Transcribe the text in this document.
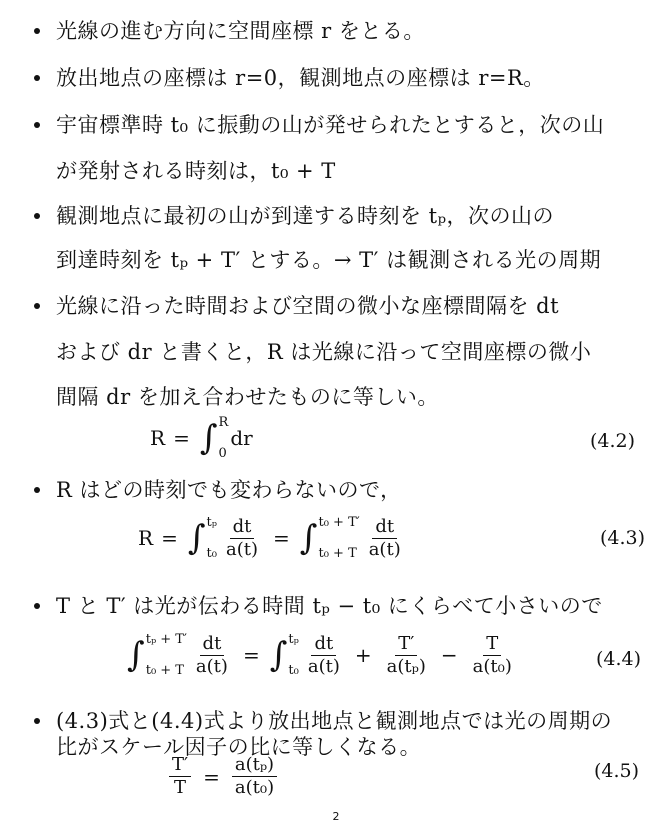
光線の進む方向に空間座標 r をとる。
放出地点の座標は r=0，観測地点の座標は r=R。
宇宙標準時 t₀ に振動の山が発せられたとすると，次の山
が発射される時刻は，t₀ + T
観測地点に最初の山が到達する時刻を tₚ，次の山の
到達時刻を tₚ + T′ とする。→ T′ は観測される光の周期
光線に沿った時間および空間の微小な座標間隔を dt
および dr と書くと，R は光線に沿って空間座標の微小
間隔 dr を加え合わせたものに等しい。
R = ∫ R
0
dr	(4.2)
R はどの時刻でも変わらないので，
R = ∫ tₚ
$t_0 \frac{dt}{a(t)}$ = ∫ t₀ + T′
t₀ + T $\frac{dt}{a(t)}$	(4.3)
T と T′ は光が伝わる時間 tₚ − t₀ にくらべて小さいので
∫ tₚ + T′
t₀ + T $\frac{dt}{a(t)}$ = ∫ tₚ
$t_0 \frac{dt}{a(t)} + \frac{T'}{\text{a(tₚ)}} - \frac{T}{\text{a(t₀)}}$	(4.4)
(4.3)式と(4.4)式より放出地点と観測地点では光の周期の
比がスケール因子の比に等しくなる。
$\frac{T'}{T} = \frac{\text{a(tₚ)}}{\text{a(t₀)}}$	(4.5)
2
